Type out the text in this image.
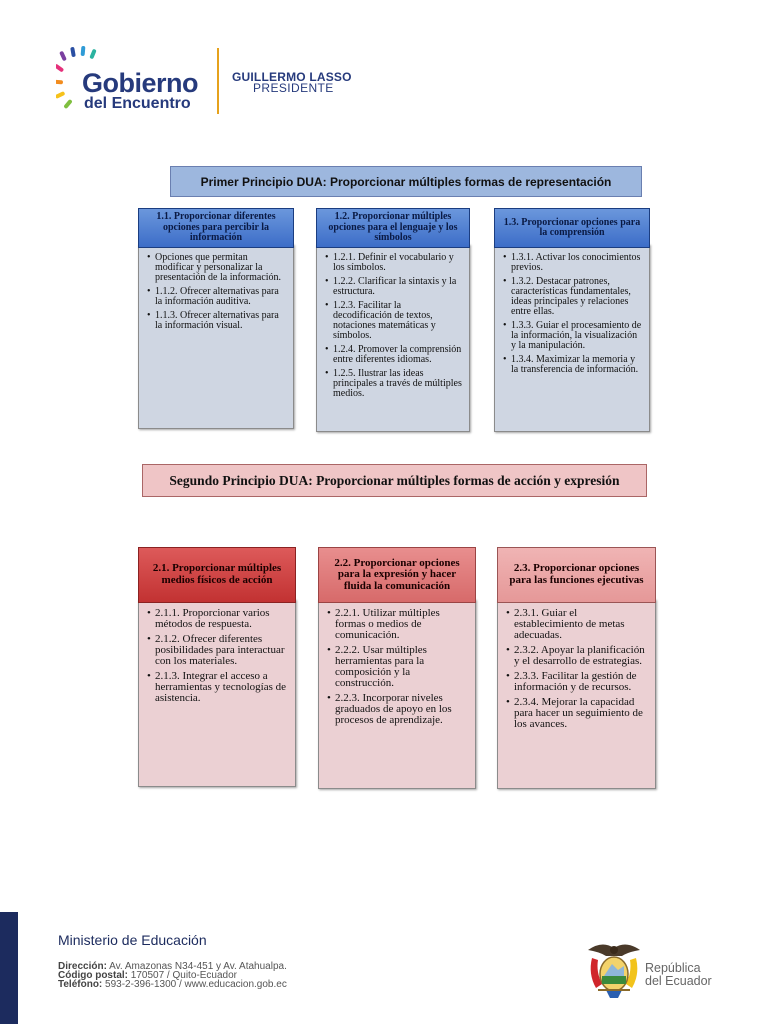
Gobierno
del Encuentro
GUILLERMO LASSO
PRESIDENTE
Primer Principio DUA: Proporcionar múltiples formas de representación
1.1. Proporcionar diferentes opciones para percibir la información
• Opciones que permitan modificar y personalizar la presentación de la información.
• 1.1.2. Ofrecer alternativas para la información auditiva.
• 1.1.3. Ofrecer alternativas para la información visual.
1.2. Proporcionar múltiples opciones para el lenguaje y los símbolos
• 1.2.1. Definir el vocabulario y los símbolos.
• 1.2.2. Clarificar la sintaxis y la estructura.
• 1.2.3. Facilitar la decodificación de textos, notaciones matemáticas y símbolos.
• 1.2.4. Promover la comprensión entre diferentes idiomas.
• 1.2.5. Ilustrar las ideas principales a través de múltiples medios.
1.3. Proporcionar opciones para la comprensión
• 1.3.1. Activar los conocimientos previos.
• 1.3.2. Destacar patrones, características fundamentales, ideas principales y relaciones entre ellas.
• 1.3.3. Guiar el procesamiento de la información, la visualización y la manipulación.
• 1.3.4. Maximizar la memoria y la transferencia de información.
Segundo Principio DUA: Proporcionar múltiples formas de acción y expresión
2.1. Proporcionar múltiples medios físicos de acción
• 2.1.1. Proporcionar varios métodos de respuesta.
• 2.1.2. Ofrecer diferentes posibilidades para interactuar con los materiales.
• 2.1.3. Integrar el acceso a herramientas y tecnologías de asistencia.
2.2. Proporcionar opciones para la expresión y hacer fluida la comunicación
• 2.2.1. Utilizar múltiples formas o medios de comunicación.
• 2.2.2. Usar múltiples herramientas para la composición y la construcción.
• 2.2.3. Incorporar niveles graduados de apoyo en los procesos de aprendizaje.
2.3. Proporcionar opciones para las funciones ejecutivas
• 2.3.1. Guiar el establecimiento de metas adecuadas.
• 2.3.2. Apoyar la planificación y el desarrollo de estrategias.
• 2.3.3. Facilitar la gestión de información y de recursos.
• 2.3.4. Mejorar la capacidad para hacer un seguimiento de los avances.
Ministerio de Educación
Dirección: Av. Amazonas N34-451 y Av. Atahualpa.
Código postal: 170507 / Quito-Ecuador
Teléfono: 593-2-396-1300 / www.educacion.gob.ec
República
del Ecuador
